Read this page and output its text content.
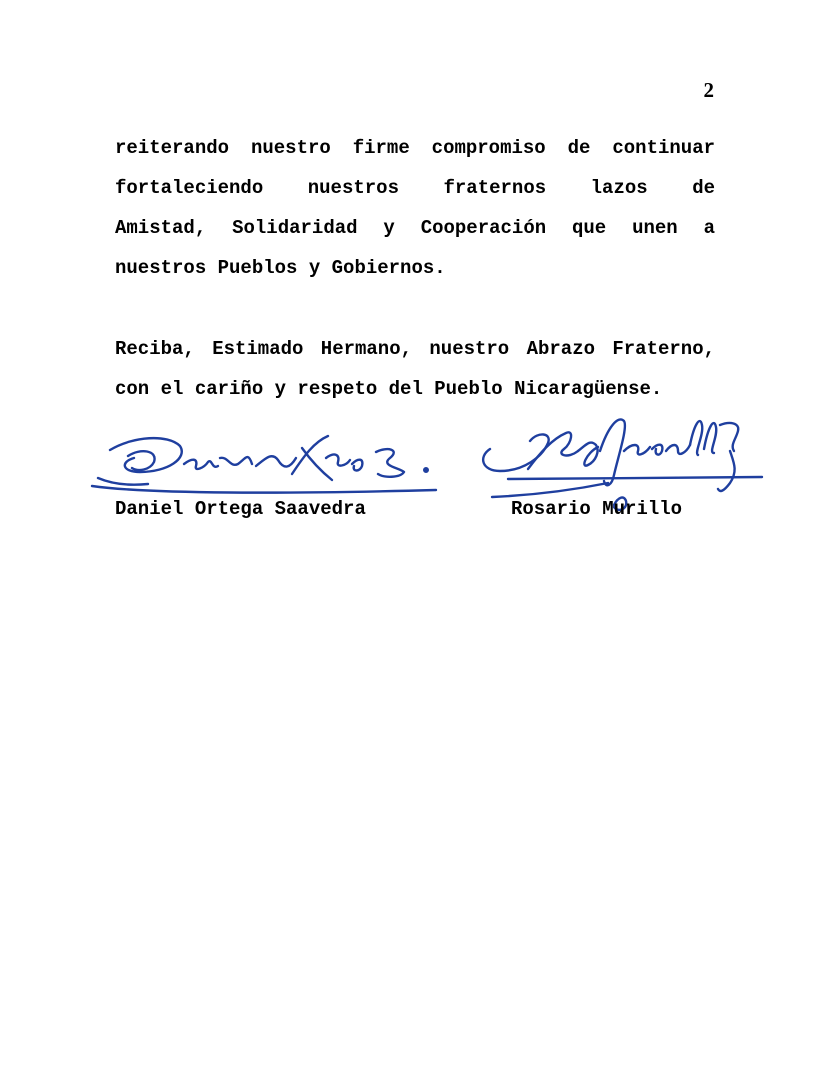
2
reiterando nuestro firme compromiso de continuar
fortaleciendo nuestros fraternos lazos de
Amistad, Solidaridad y Cooperación que unen a
nuestros Pueblos y Gobiernos.
Reciba, Estimado Hermano, nuestro Abrazo Fraterno,
con el cariño y respeto del Pueblo Nicaragüense.
Daniel Ortega Saavedra	Rosario Murillo
